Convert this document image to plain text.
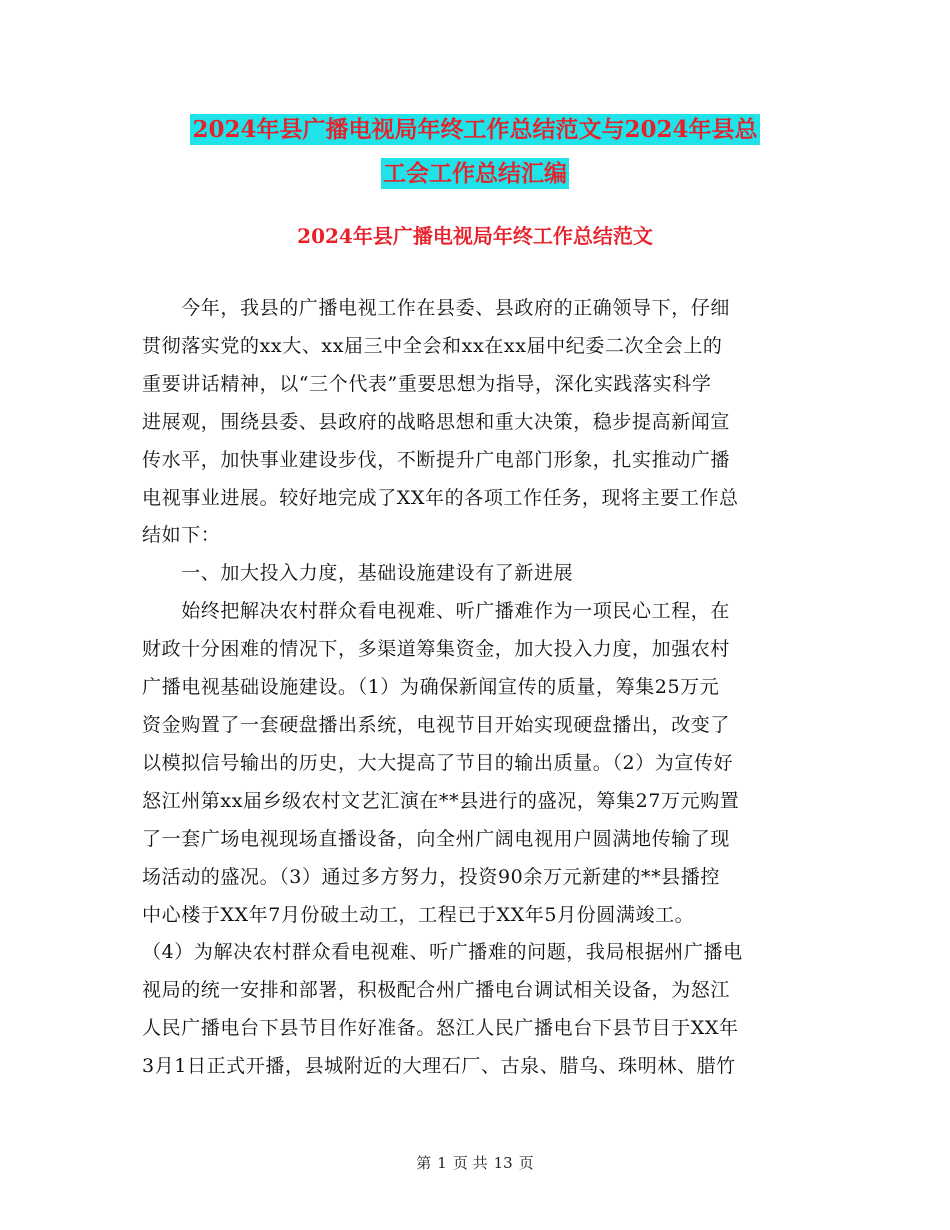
2024年县广播电视局年终工作总结范文与2024年县总
工会工作总结汇编
2024年县广播电视局年终工作总结范文
　　今年，我县的广播电视工作在县委、县政府的正确领导下，仔细
贯彻落实党的xx大、xx届三中全会和xx在xx届中纪委二次全会上的
重要讲话精神，以“三个代表”重要思想为指导，深化实践落实科学
进展观，围绕县委、县政府的战略思想和重大决策，稳步提高新闻宣
传水平，加快事业建设步伐，不断提升广电部门形象，扎实推动广播
电视事业进展。较好地完成了XX年的各项工作任务，现将主要工作总
结如下：
　　一、加大投入力度，基础设施建设有了新进展
　　始终把解决农村群众看电视难、听广播难作为一项民心工程，在
财政十分困难的情况下，多渠道筹集资金，加大投入力度，加强农村
广播电视基础设施建设。（1）为确保新闻宣传的质量，筹集25万元
资金购置了一套硬盘播出系统，电视节目开始实现硬盘播出，改变了
以模拟信号输出的历史，大大提高了节目的输出质量。（2）为宣传好
怒江州第xx届乡级农村文艺汇演在**县进行的盛况，筹集27万元购置
了一套广场电视现场直播设备，向全州广阔电视用户圆满地传输了现
场活动的盛况。（3）通过多方努力，投资90余万元新建的**县播控
中心楼于XX年7月份破土动工，工程已于XX年5月份圆满竣工。
（4）为解决农村群众看电视难、听广播难的问题，我局根据州广播电
视局的统一安排和部署，积极配合州广播电台调试相关设备，为怒江
人民广播电台下县节目作好准备。怒江人民广播电台下县节目于XX年
3月1日正式开播，县城附近的大理石厂、古泉、腊乌、珠明林、腊竹
第 1 页 共 13 页
